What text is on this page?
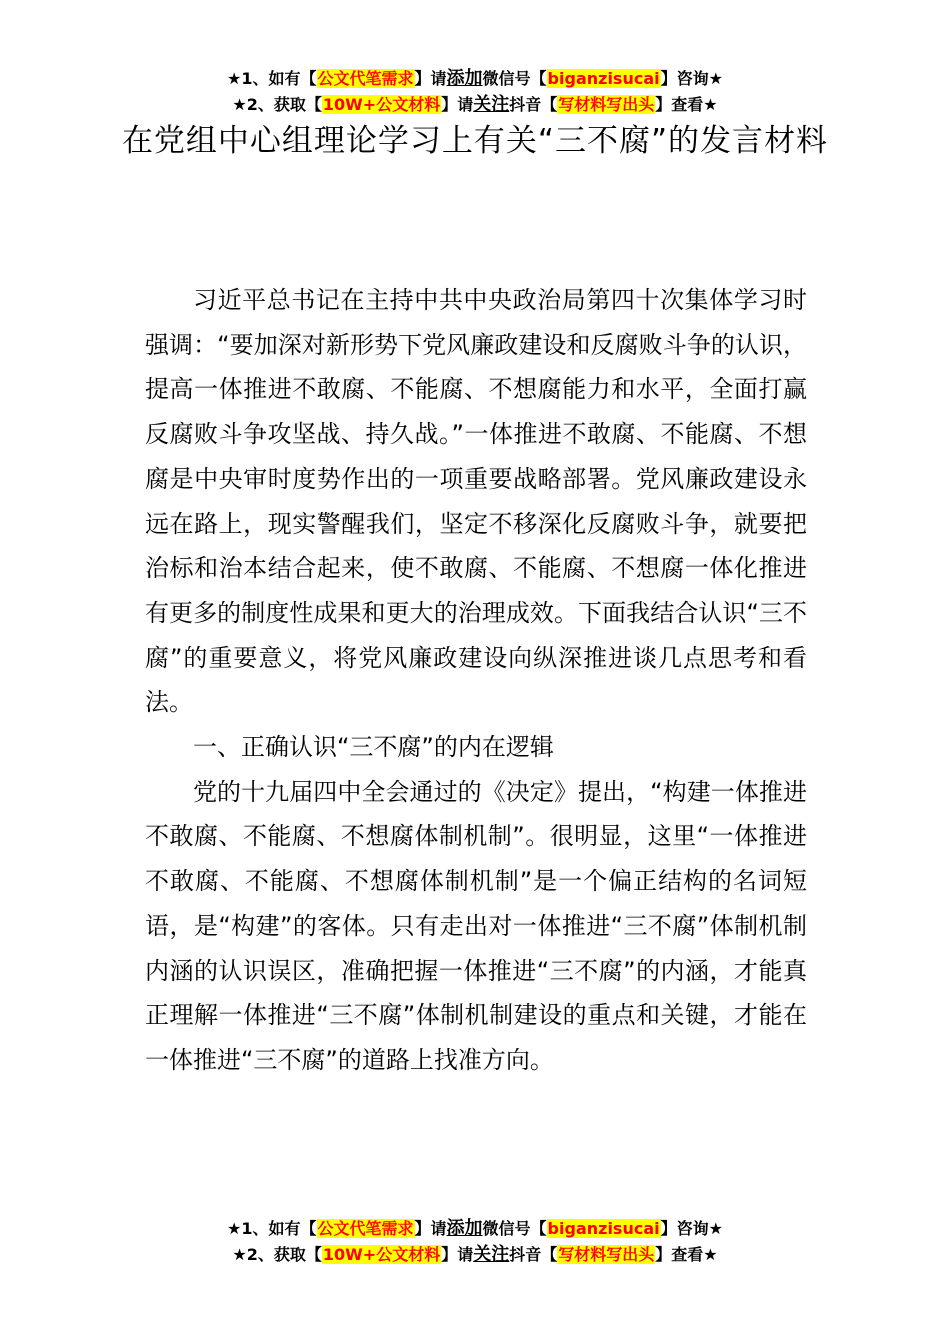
★1、如有【公文代笔需求】请添加微信号【biganzisucai】咨询★
★2、获取【10W+公文材料】请关注抖音【写材料写出头】查看★
在党组中心组理论学习上有关“三不腐”的发言材料

习近平总书记在主持中共中央政治局第四十次集体学习时强调：“要加深对新形势下党风廉政建设和反腐败斗争的认识，提高一体推进不敢腐、不能腐、不想腐能力和水平，全面打赢反腐败斗争攻坚战、持久战。”一体推进不敢腐、不能腐、不想腐是中央审时度势作出的一项重要战略部署。党风廉政建设永远在路上，现实警醒我们，坚定不移深化反腐败斗争，就要把治标和治本结合起来，使不敢腐、不能腐、不想腐一体化推进有更多的制度性成果和更大的治理成效。下面我结合认识“三不腐”的重要意义，将党风廉政建设向纵深推进谈几点思考和看法。

一、正确认识“三不腐”的内在逻辑

党的十九届四中全会通过的《决定》提出，“构建一体推进不敢腐、不能腐、不想腐体制机制”。很明显，这里“一体推进不敢腐、不能腐、不想腐体制机制”是一个偏正结构的名词短语，是“构建”的客体。只有走出对一体推进“三不腐”体制机制内涵的认识误区，准确把握一体推进“三不腐”的内涵，才能真正理解一体推进“三不腐”体制机制建设的重点和关键，才能在一体推进“三不腐”的道路上找准方向。

★1、如有【公文代笔需求】请添加微信号【biganzisucai】咨询★
★2、获取【10W+公文材料】请关注抖音【写材料写出头】查看★
